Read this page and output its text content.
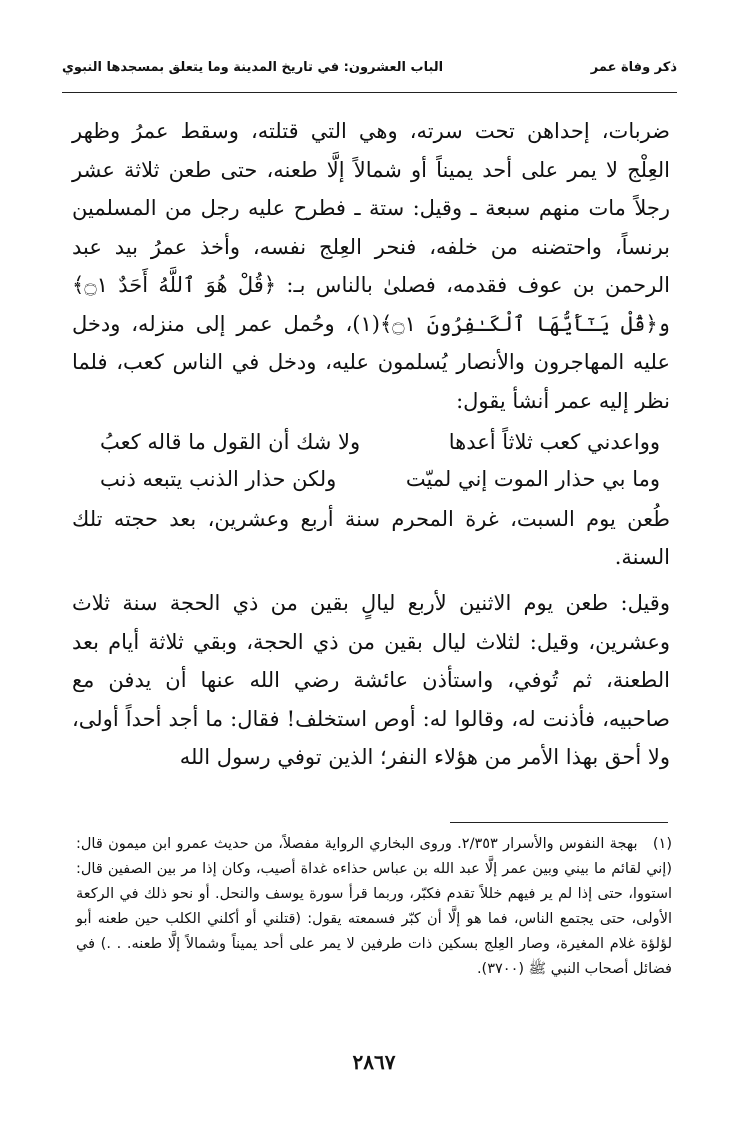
ذكر وفاة عمر
الباب العشرون: في تاريخ المدينة وما يتعلق بمسجدها النبوي

ضربات، إحداهن تحت سرته، وهي التي قتلته، وسقط عمرُ وظهر العِلْج لا يمر على أحد يميناً أو شمالاً إلَّا طعنه، حتى طعن ثلاثة عشر رجلاً مات منهم سبعة ـ وقيل: ستة ـ فطرح عليه رجل من المسلمين برنساً، واحتضنه من خلفه، فنحر العِلج نفسه، وأخذ عمرُ بيد عبد الرحمن بن عوف فقدمه، فصلىٰ بالناس بـ: ﴿قُلْ هُوَ ٱللَّهُ أَحَدٌ ۝١﴾ و﴿قُلْ يَـٰٓأَيُّهَا ٱلْكَـٰفِرُونَ ۝١﴾(١)، وحُمل عمر إلى منزله، ودخل عليه المهاجرون والأنصار يُسلمون عليه، ودخل في الناس كعب، فلما نظر إليه عمر أنشأ يقول:

وواعدني كعب ثلاثاً أعدها
ولا شك أن القول ما قاله كعبُ
وما بي حذار الموت إني لميّت
ولكن حذار الذنب يتبعه ذنب
طُعن يوم السبت، غرة المحرم سنة أربع وعشرين، بعد حجته تلك السنة.
وقيل: طعن يوم الاثنين لأربع ليالٍ بقين من ذي الحجة سنة ثلاث وعشرين، وقيل: لثلاث ليال بقين من ذي الحجة، وبقي ثلاثة أيام بعد الطعنة، ثم تُوفي، واستأذن عائشة رضي الله عنها أن يدفن مع صاحبيه، فأذنت له، وقالوا له: أوص استخلف! فقال: ما أجد أحداً أولى، ولا أحق بهذا الأمر من هؤلاء النفر؛ الذين توفي رسول الله
(١) بهجة النفوس والأسرار ٢/٣٥٣. وروى البخاري الرواية مفصلاً، من حديث عمرو ابن ميمون قال: (إني لقائم ما بيني وبين عمر إلَّا عبد الله بن عباس حذاءه غداة أصيب، وكان إذا مر بين الصفين قال: استووا، حتى إذا لم ير فيهم خللاً تقدم فكبّر، وربما قرأ سورة يوسف والنحل. أو نحو ذلك في الركعة الأولى، حتى يجتمع الناس، فما هو إلَّا أن كبّر فسمعته يقول: (قتلني أو أكلني الكلب حين طعنه أبو لؤلؤة غلام المغيرة، وصار العِلج بسكين ذات طرفين لا يمر على أحد يميناً وشمالاً إلَّا طعنه. . .) في فضائل أصحاب النبي ﷺ (٣٧٠٠).
٢٨٦٧
